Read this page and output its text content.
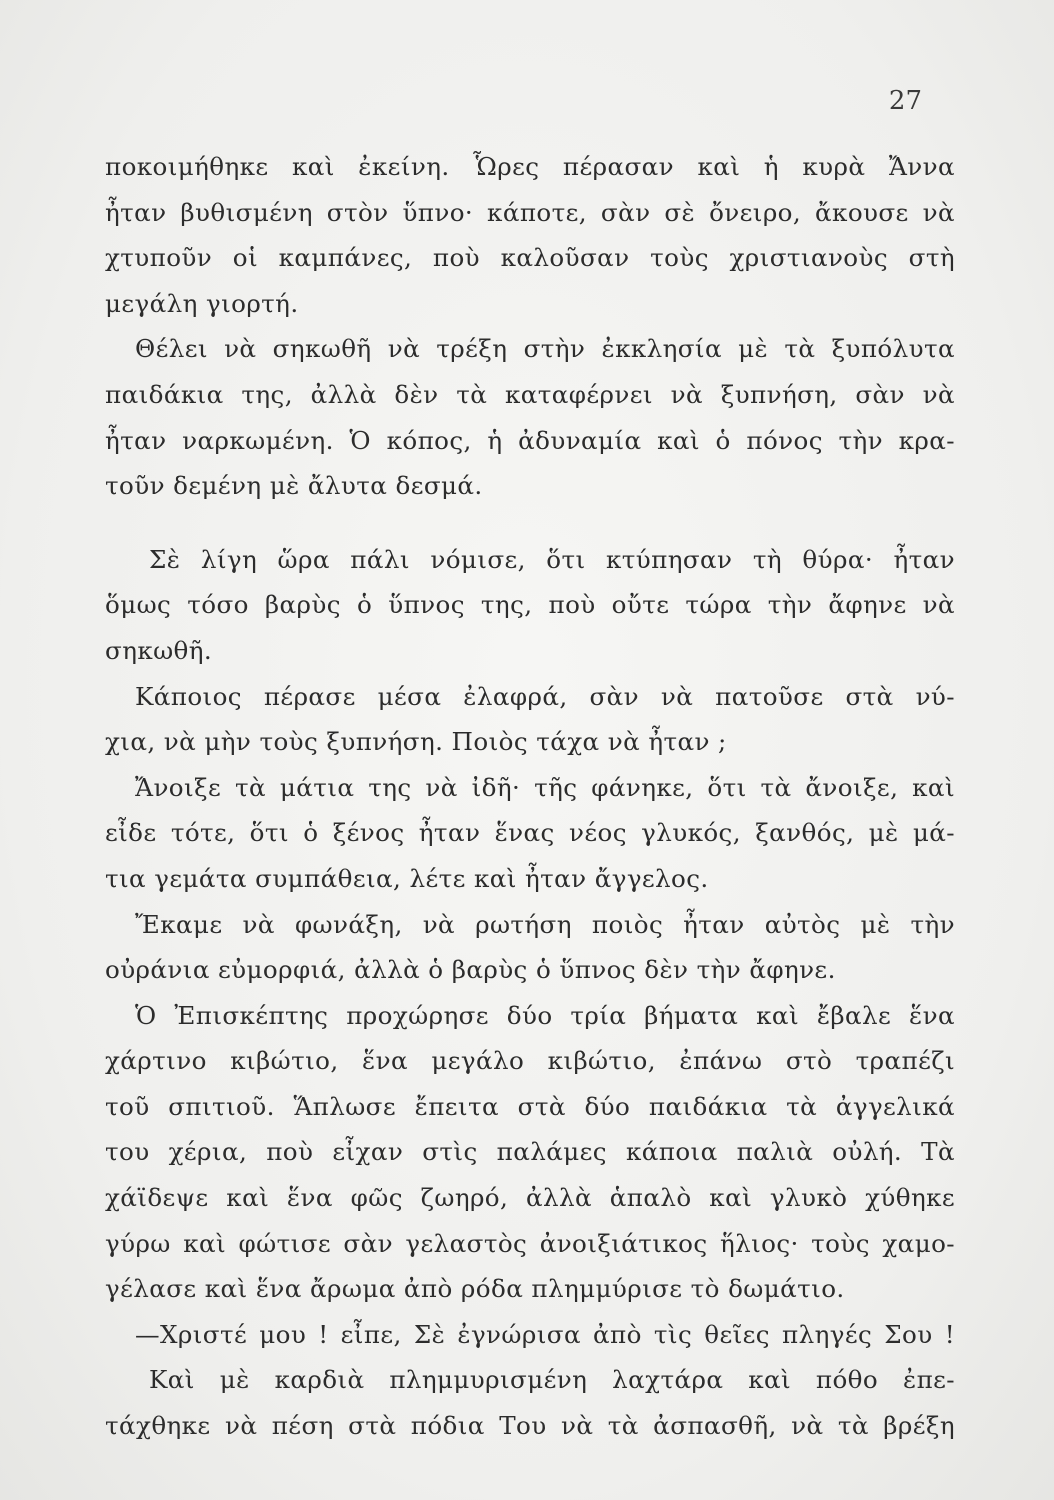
27
ποκοιμήθηκε καὶ ἐκείνη. Ὧρες πέρασαν καὶ ἡ κυρὰ Ἄννα
ἦταν βυθισμένη στὸν ὕπνο· κάποτε, σὰν σὲ ὄνειρο, ἄκουσε νὰ
χτυποῦν οἱ καμπάνες, ποὺ καλοῦσαν τοὺς χριστιανοὺς στὴ
μεγάλη γιορτή.
Θέλει νὰ σηκωθῆ νὰ τρέξη στὴν ἐκκλησία μὲ τὰ ξυπόλυτα
παιδάκια της, ἀλλὰ δὲν τὰ καταφέρνει νὰ ξυπνήση, σὰν νὰ
ἦταν ναρκωμένη. Ὁ κόπος, ἡ ἀδυναμία καὶ ὁ πόνος τὴν κρα-
τοῦν δεμένη μὲ ἄλυτα δεσμά.
Σὲ λίγη ὥρα πάλι νόμισε, ὅτι κτύπησαν τὴ θύρα· ἦταν
ὅμως τόσο βαρὺς ὁ ὕπνος της, ποὺ οὔτε τώρα τὴν ἄφηνε νὰ
σηκωθῆ.
Κάποιος πέρασε μέσα ἐλαφρά, σὰν νὰ πατοῦσε στὰ νύ-
χια, νὰ μὴν τοὺς ξυπνήση. Ποιὸς τάχα νὰ ἦταν ;
Ἄνοιξε τὰ μάτια της νὰ ἰδῆ· τῆς φάνηκε, ὅτι τὰ ἄνοιξε, καὶ
εἶδε τότε, ὅτι ὁ ξένος ἦταν ἕνας νέος γλυκός, ξανθός, μὲ μά-
τια γεμάτα συμπάθεια, λέτε καὶ ἦταν ἄγγελος.
Ἔκαμε νὰ φωνάξη, νὰ ρωτήση ποιὸς ἦταν αὐτὸς μὲ τὴν
οὐράνια εὐμορφιά, ἀλλὰ ὁ βαρὺς ὁ ὕπνος δὲν τὴν ἄφηνε.
Ὁ Ἐπισκέπτης προχώρησε δύο τρία βήματα καὶ ἔβαλε ἕνα
χάρτινο κιβώτιο, ἕνα μεγάλο κιβώτιο, ἐπάνω στὸ τραπέζι
τοῦ σπιτιοῦ. Ἅπλωσε ἔπειτα στὰ δύο παιδάκια τὰ ἀγγελικά
του χέρια, ποὺ εἶχαν στὶς παλάμες κάποια παλιὰ οὐλή. Τὰ
χάϊδεψε καὶ ἕνα φῶς ζωηρό, ἀλλὰ ἁπαλὸ καὶ γλυκὸ χύθηκε
γύρω καὶ φώτισε σὰν γελαστὸς ἀνοιξιάτικος ἥλιος· τοὺς χαμο-
γέλασε καὶ ἕνα ἄρωμα ἀπὸ ρόδα πλημμύρισε τὸ δωμάτιο.
—Χριστέ μου ! εἶπε, Σὲ ἐγνώρισα ἀπὸ τὶς θεῖες πληγές Σου !
Καὶ μὲ καρδιὰ πλημμυρισμένη λαχτάρα καὶ πόθο ἐπε-
τάχθηκε νὰ πέση στὰ πόδια Του νὰ τὰ ἀσπασθῆ, νὰ τὰ βρέξη
